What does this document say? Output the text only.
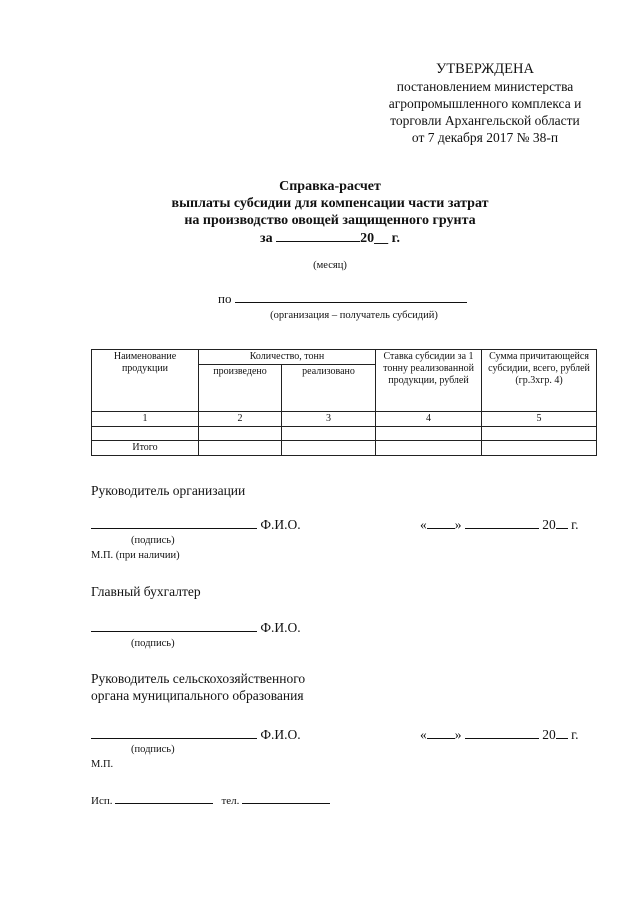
УТВЕРЖДЕНА
постановлением министерства
агропромышленного комплекса и
торговли Архангельской области
от 7 декабря 2017 № 38-п
Справка-расчет
выплаты субсидии для компенсации части затрат
на производство овощей защищенного грунта
за	20__ г.
(месяц)
по
(организация – получатель субсидий)
Наименование продукции	Количество, тонн		Ставка субсидии за 1 тонну реализованной продукции, рублей	Сумма причитающейся субсидии, всего, рублей (гр.3хгр. 4)
	произведено	реализовано		
1	2	3	4	5

Итого				
Руководитель организации
Ф.И.О.	« »	20 г.
(подпись)
М.П. (при наличии)
Главный бухгалтер
Ф.И.О.
(подпись)
Руководитель сельскохозяйственного
органа муниципального образования
Ф.И.О.	« »	20 г.
(подпись)
М.П.
Исп.	тел.
